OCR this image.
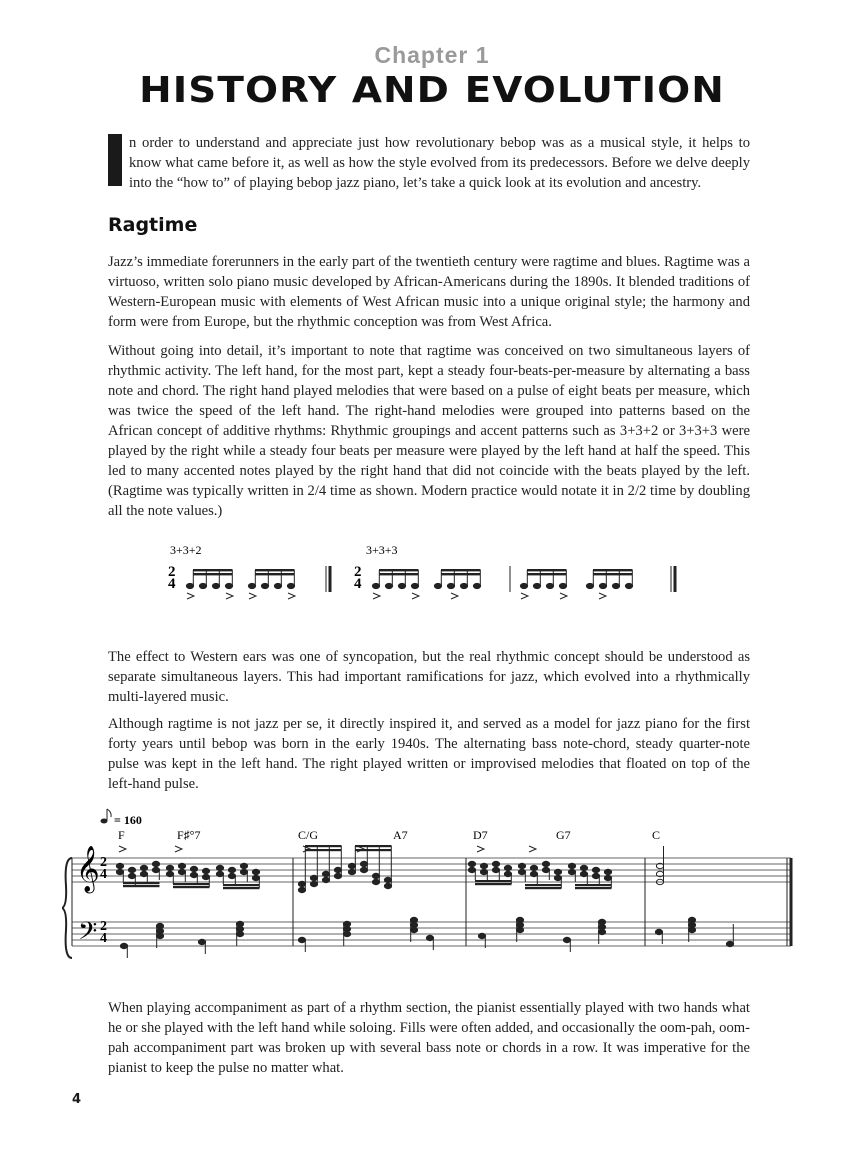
Chapter 1
HISTORY AND EVOLUTION
I

n order to understand and appreciate just how revolutionary bebop was as a musical style, it helps to know what came before it, as well as how the style evolved from its predecessors. Before we delve deeply into the “how to” of playing bebop jazz piano, let’s take a quick look at its evolution and ancestry.

Ragtime

Jazz’s immediate forerunners in the early part of the twentieth century were ragtime and blues. Ragtime was a virtuoso, written solo piano music developed by African-Americans during the 1890s. It blended traditions of Western-European music with elements of West African music into a unique original style; the harmony and form were from Europe, but the rhythmic conception was from West Africa.

Without going into detail, it’s important to note that ragtime was conceived on two simultaneous layers of rhythmic activity. The left hand, for the most part, kept a steady four-beats-per-measure by alternating a bass note and chord. The right hand played melodies that were based on a pulse of eight beats per measure, which was twice the speed of the left hand. The right-hand melodies were grouped into patterns based on the African concept of additive rhythms: Rhythmic groupings and accent patterns such as 3+3+2 or 3+3+3 were played by the right while a steady four beats per measure were played by the left hand at half the speed. This led to many accented notes played by the right hand that did not coincide with the beats played by the left. (Ragtime was typically written in 2/4 time as shown. Modern practice would notate it in 2/2 time by doubling all the note values.)

3+3+2	3+3+3
2
4
2
4

The effect to Western ears was one of syncopation, but the real rhythmic concept should be understood as separate simultaneous layers. This had important ramifications for jazz, which evolved into a rhythmically multi-layered music.

Although ragtime is not jazz per se, it directly inspired it, and served as a model for jazz piano for the first forty years until bebop was born in the early 1940s. The alternating bass note-chord, steady quarter-note pulse was kept in the left hand. The right played written or improvised melodies that floated on top of the left-hand pulse.

= 160
F	F♯°7	C/G	A7	D7	G7	C
𝄞
𝄢
2
4
2
4

When playing accompaniment as part of a rhythm section, the pianist essentially played with two hands what he or she played with the left hand while soloing. Fills were often added, and occasionally the oom-pah, oom-pah accompaniment part was broken up with several bass note or chords in a row. It was imperative for the pianist to keep the pulse no matter what.

4
